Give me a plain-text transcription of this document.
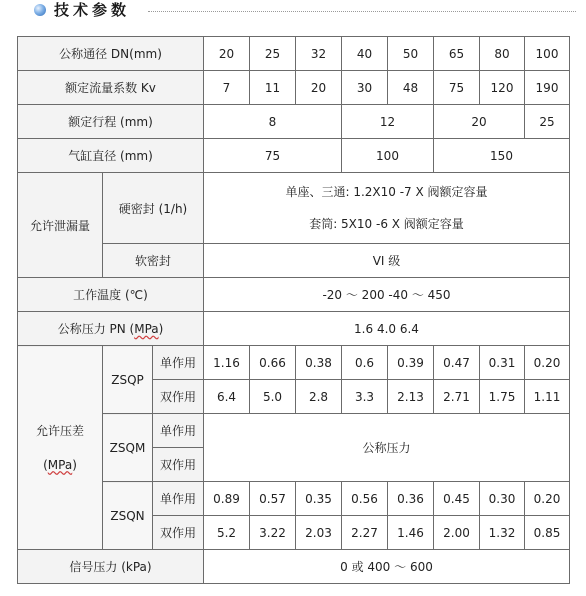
技术参数
公称通径 DN(mm)			20	25	32	40	50	65	80	100
额定流量系数 Kv			7	11	20	30	48	75	120	190
额定行程 (mm)			8			12		20		25
气缸直径 (mm)			75			100		150		
允许泄漏量	硬密封 (1/h)		单座、三通: 1.2X10 -7 X 阀额定容量
套筒: 5X10 -6 X 阀额定容量							

	软密封		VI 级							
工作温度 (℃)			-20 ～ 200 -40 ～ 450							
公称压力 PN (MPa)			1.6 4.0 6.4							

允许压差
(MPa)	ZSQP	单作用	1.16	0.66	0.38	0.6	0.39	0.47	0.31	0.20
		双作用	6.4	5.0	2.8	3.3	2.13	2.71	1.75	1.11
	ZSQM	单作用	公称压力							
		双作用								
	ZSQN	单作用	0.89	0.57	0.35	0.56	0.36	0.45	0.30	0.20
		双作用	5.2	3.22	2.03	2.27	1.46	2.00	1.32	0.85
信号压力 (kPa)			0 或 400 ～ 600							
